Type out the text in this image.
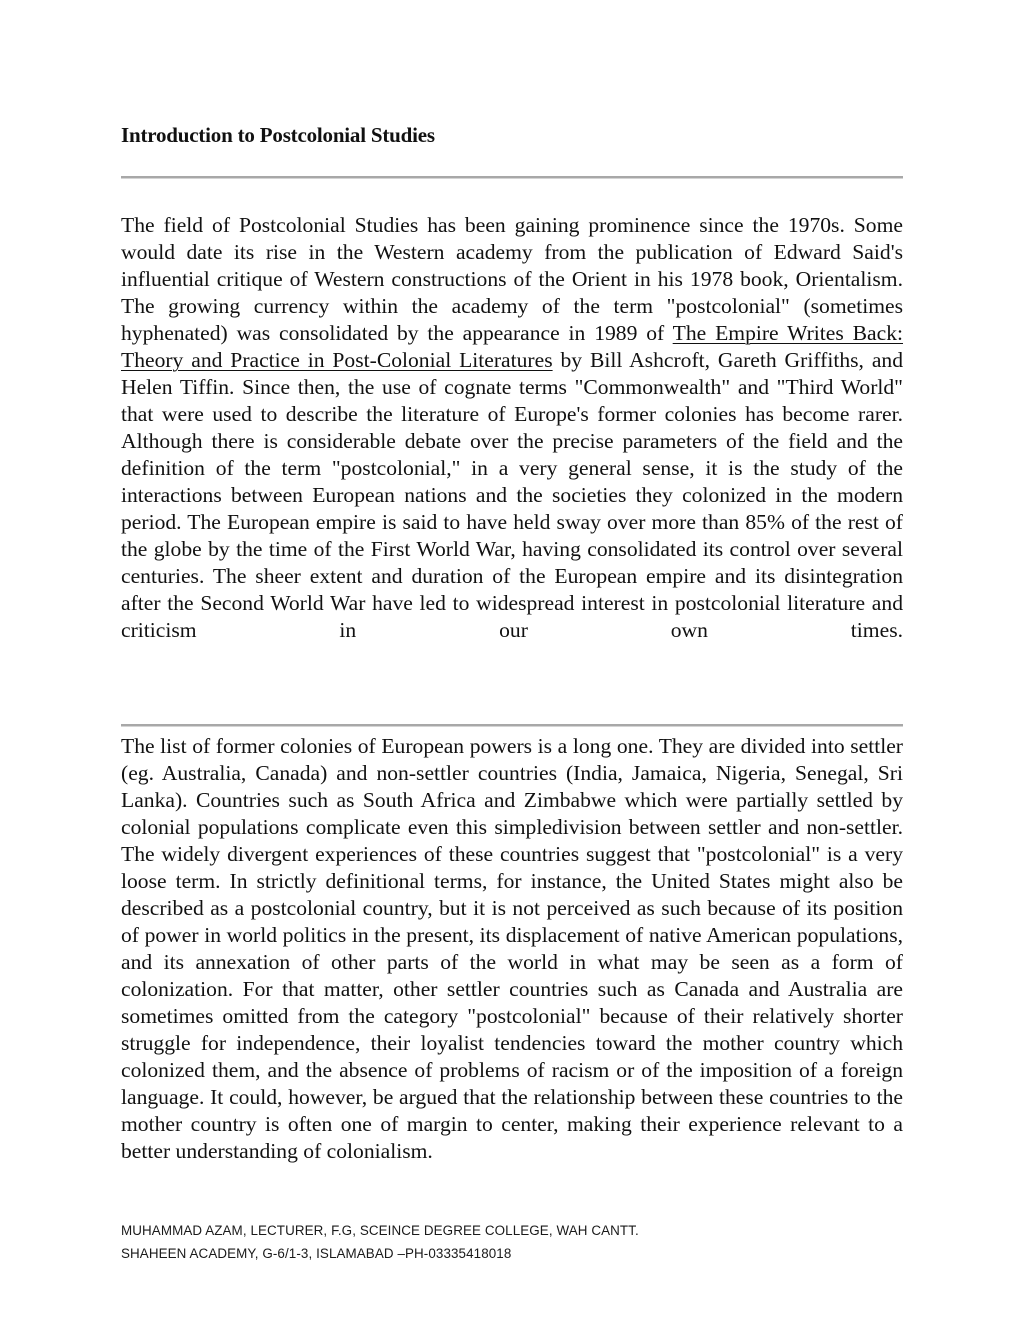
Introduction to Postcolonial Studies

The field of Postcolonial Studies has been gaining prominence since the 1970s. Some would date its rise in the Western academy from the publication of Edward Said's influential critique of Western constructions of the Orient in his 1978 book, Orientalism. The growing currency within the academy of the term "postcolonial" (sometimes hyphenated) was consolidated by the appearance in 1989 of The Empire Writes Back: Theory and Practice in Post-Colonial Literatures by Bill Ashcroft, Gareth Griffiths, and Helen Tiffin. Since then, the use of cognate terms "Commonwealth" and "Third World" that were used to describe the literature of Europe's former colonies has become rarer. Although there is considerable debate over the precise parameters of the field and the definition of the term "postcolonial," in a very general sense, it is the study of the interactions between European nations and the societies they colonized in the modern period. The European empire is said to have held sway over more than 85% of the rest of the globe by the time of the First World War, having consolidated its control over several centuries. The sheer extent and duration of the European empire and its disintegration after the Second World War have led to widespread interest in postcolonial literature and criticism in our own times.

The list of former colonies of European powers is a long one. They are divided into settler (eg. Australia, Canada) and non-settler countries (India, Jamaica, Nigeria, Senegal, Sri Lanka). Countries such as South Africa and Zimbabwe which were partially settled by colonial populations complicate even this simpledivision between settler and non-settler. The widely divergent experiences of these countries suggest that "postcolonial" is a very loose term. In strictly definitional terms, for instance, the United States might also be described as a postcolonial country, but it is not perceived as such because of its position of power in world politics in the present, its displacement of native American populations, and its annexation of other parts of the world in what may be seen as a form of colonization. For that matter, other settler countries such as Canada and Australia are sometimes omitted from the category "postcolonial" because of their relatively shorter struggle for independence, their loyalist tendencies toward the mother country which colonized them, and the absence of problems of racism or of the imposition of a foreign language. It could, however, be argued that the relationship between these countries to the mother country is often one of margin to center, making their experience relevant to a better understanding of colonialism.

MUHAMMAD AZAM, LECTURER, F.G, SCEINCE DEGREE COLLEGE, WAH CANTT.
SHAHEEN ACADEMY, G-6/1-3, ISLAMABAD –PH-03335418018
